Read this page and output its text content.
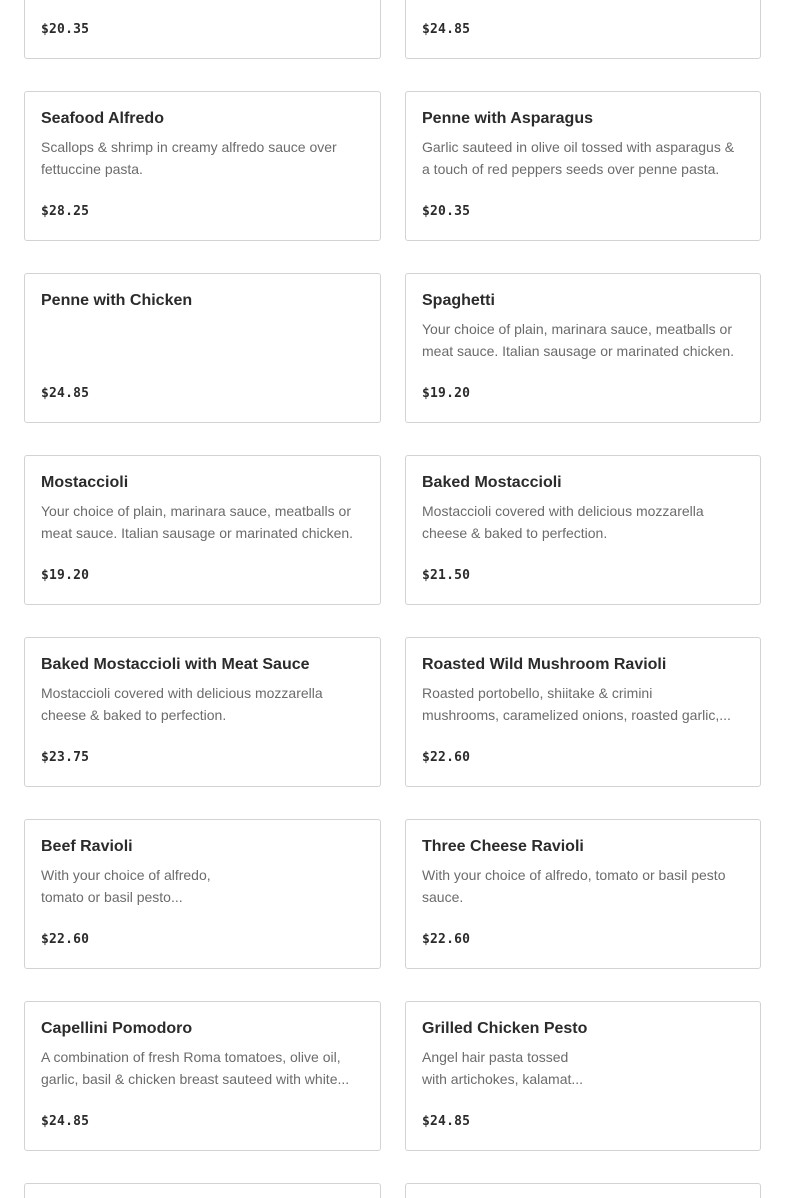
$20.35	$24.85
Seafood Alfredo
Scallops & shrimp in creamy alfredo sauce over
fettuccine pasta.
$28.25
Penne with Asparagus
Garlic sauteed in olive oil tossed with asparagus &
a touch of red peppers seeds over penne pasta.
$20.35
Penne with Chicken
$24.85
Spaghetti
Your choice of plain, marinara sauce, meatballs or
meat sauce. Italian sausage or marinated chicken.
$19.20
Mostaccioli
Your choice of plain, marinara sauce, meatballs or
meat sauce. Italian sausage or marinated chicken.
$19.20
Baked Mostaccioli
Mostaccioli covered with delicious mozzarella
cheese & baked to perfection.
$21.50
Baked Mostaccioli with Meat Sauce
Mostaccioli covered with delicious mozzarella
cheese & baked to perfection.
$23.75
Roasted Wild Mushroom Ravioli
Roasted portobello, shiitake & crimini
mushrooms, caramelized onions, roasted garlic,...
$22.60
Beef Ravioli
With your choice of alfredo,
tomato or basil pesto...
$22.60
Three Cheese Ravioli
With your choice of alfredo, tomato or basil pesto
sauce.
$22.60
Capellini Pomodoro
A combination of fresh Roma tomatoes, olive oil,
garlic, basil & chicken breast sauteed with white...
$24.85
Grilled Chicken Pesto
Angel hair pasta tossed
with artichokes, kalamat...
$24.85
